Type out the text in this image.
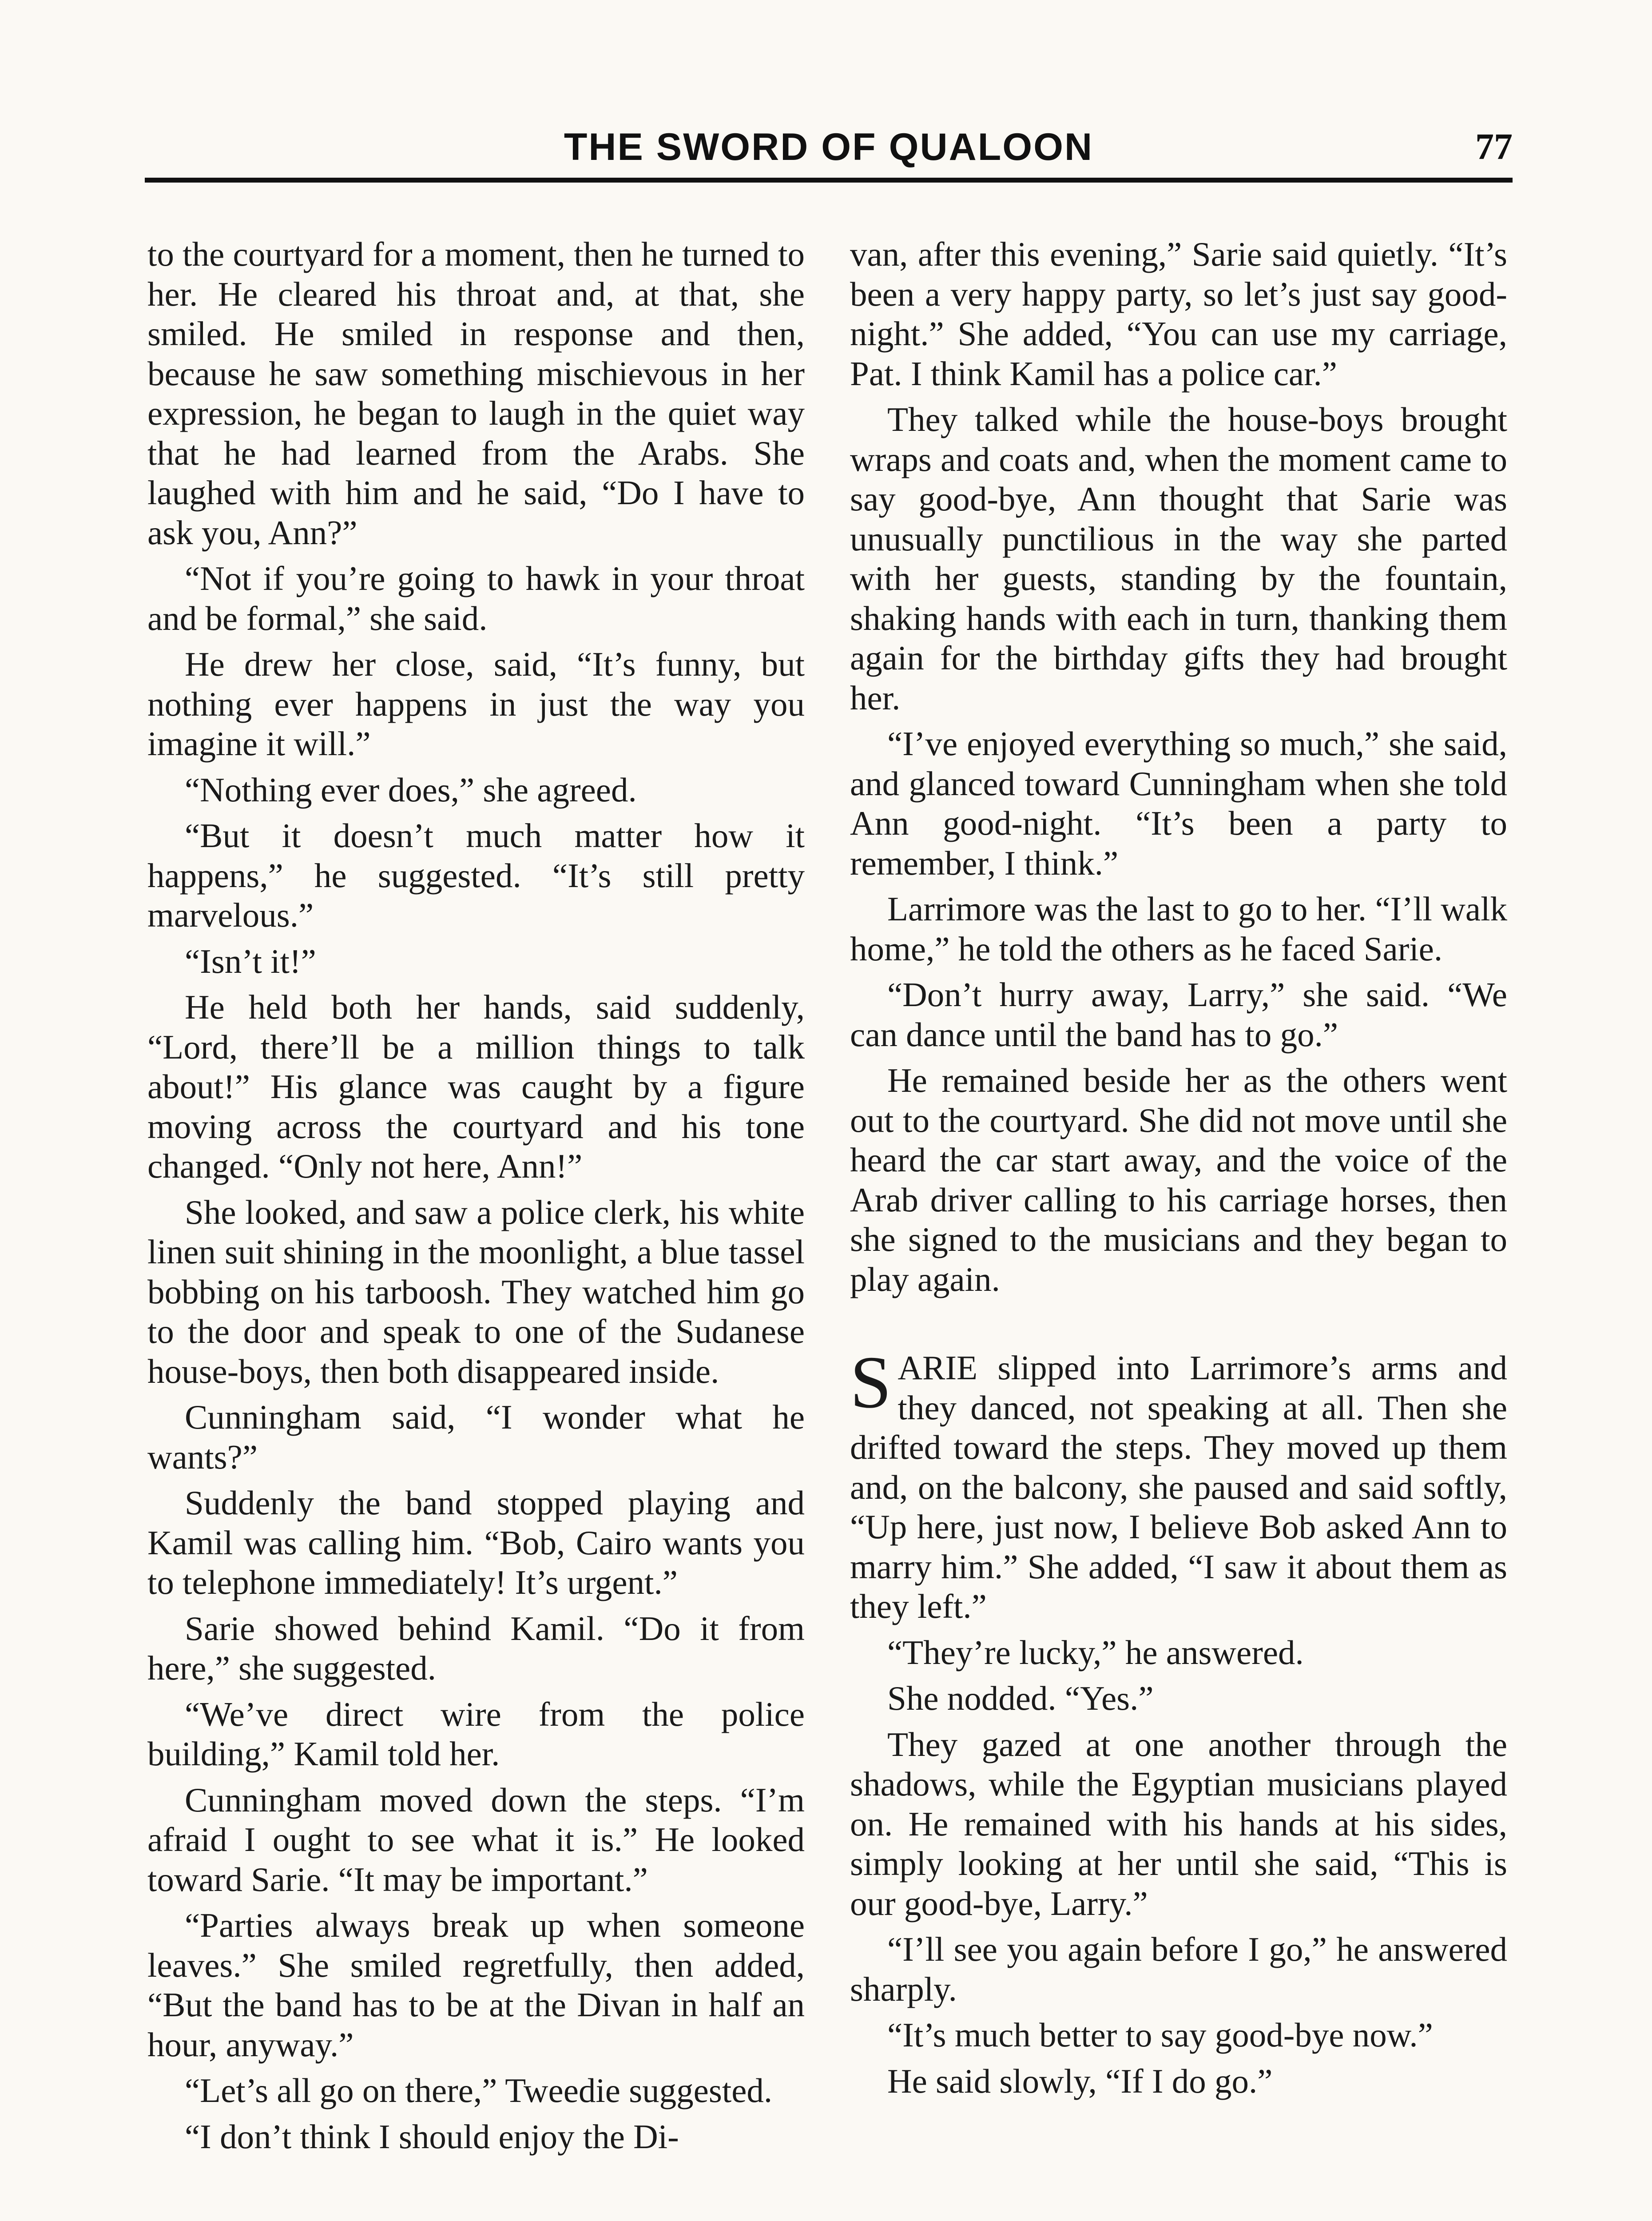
THE SWORD OF QUALOON	77

to the courtyard for a moment, then he turned to her. He cleared his throat and, at that, she smiled. He smiled in response and then, because he saw something mischievous in her expression, he began to laugh in the quiet way that he had learned from the Arabs. She laughed with him and he said, “Do I have to ask you, Ann?”

“Not if you’re going to hawk in your throat and be formal,” she said.

He drew her close, said, “It’s funny, but nothing ever happens in just the way you imagine it will.”

“Nothing ever does,” she agreed.

“But it doesn’t much matter how it happens,” he suggested. “It’s still pretty marvelous.”

“Isn’t it!”

He held both her hands, said suddenly, “Lord, there’ll be a million things to talk about!” His glance was caught by a figure moving across the courtyard and his tone changed. “Only not here, Ann!”

She looked, and saw a police clerk, his white linen suit shining in the moonlight, a blue tassel bobbing on his tarboosh. They watched him go to the door and speak to one of the Sudanese house-boys, then both disappeared inside.

Cunningham said, “I wonder what he wants?”

Suddenly the band stopped playing and Kamil was calling him. “Bob, Cairo wants you to telephone immediately! It’s urgent.”

Sarie showed behind Kamil. “Do it from here,” she suggested.

“We’ve direct wire from the police building,” Kamil told her.

Cunningham moved down the steps. “I’m afraid I ought to see what it is.” He looked toward Sarie. “It may be important.”

“Parties always break up when someone leaves.” She smiled regretfully, then added, “But the band has to be at the Divan in half an hour, anyway.”

“Let’s all go on there,” Tweedie suggested.

“I don’t think I should enjoy the Di-

van, after this evening,” Sarie said quietly. “It’s been a very happy party, so let’s just say good-night.” She added, “You can use my carriage, Pat. I think Kamil has a police car.”

They talked while the house-boys brought wraps and coats and, when the moment came to say good-bye, Ann thought that Sarie was unusually punctilious in the way she parted with her guests, standing by the fountain, shaking hands with each in turn, thanking them again for the birthday gifts they had brought her.

“I’ve enjoyed everything so much,” she said, and glanced toward Cunningham when she told Ann good-night. “It’s been a party to remember, I think.”

Larrimore was the last to go to her. “I’ll walk home,” he told the others as he faced Sarie.

“Don’t hurry away, Larry,” she said. “We can dance until the band has to go.”

He remained beside her as the others went out to the courtyard. She did not move until she heard the car start away, and the voice of the Arab driver calling to his carriage horses, then she signed to the musicians and they began to play again.

SARIE slipped into Larrimore’s arms and they danced, not speaking at all. Then she drifted toward the steps. They moved up them and, on the balcony, she paused and said softly, “Up here, just now, I believe Bob asked Ann to marry him.” She added, “I saw it about them as they left.”

“They’re lucky,” he answered.

She nodded. “Yes.”

They gazed at one another through the shadows, while the Egyptian musicians played on. He remained with his hands at his sides, simply looking at her until she said, “This is our good-bye, Larry.”

“I’ll see you again before I go,” he answered sharply.

“It’s much better to say good-bye now.”

He said slowly, “If I do go.”
